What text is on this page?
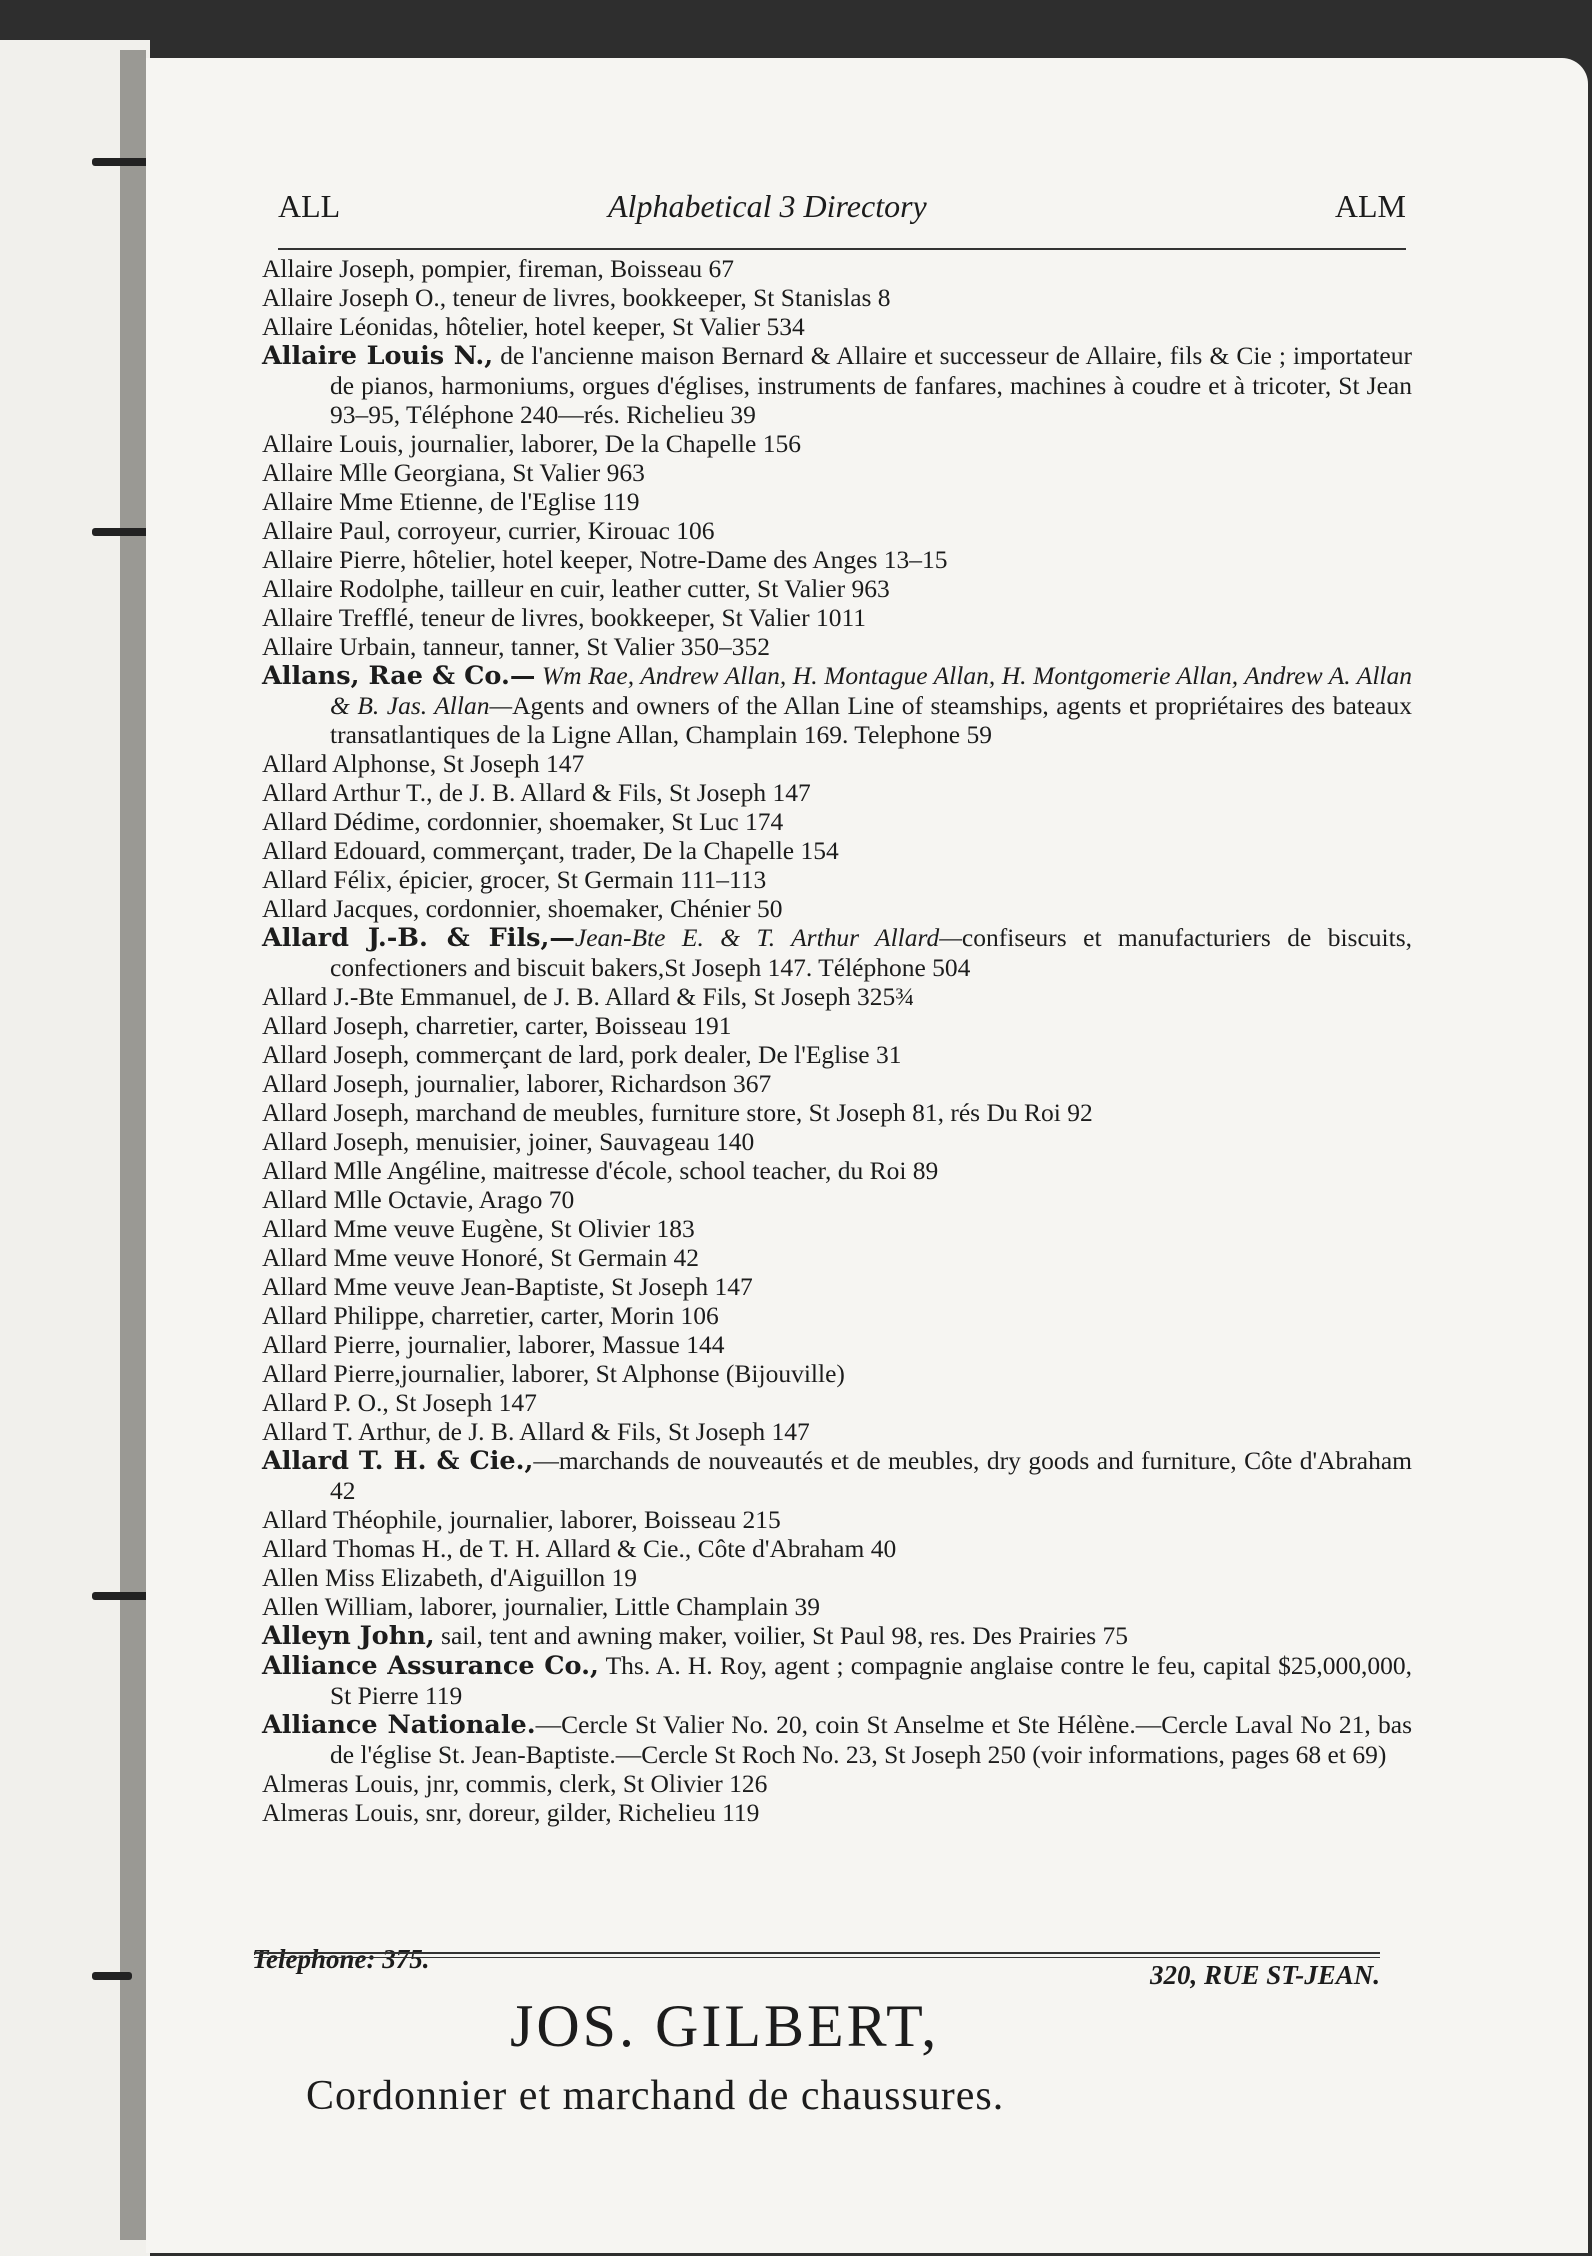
ALL	Alphabetical 3 Directory	ALM
Allaire Joseph, pompier, fireman, Boisseau 67
Allaire Joseph O., teneur de livres, bookkeeper, St Stanislas 8
Allaire Léonidas, hôtelier, hotel keeper, St Valier 534
Allaire Louis N., de l'ancienne maison Bernard & Allaire et successeur de Allaire, fils & Cie ; importateur de pianos, harmoniums, orgues d'églises, instruments de fanfares, machines à coudre et à tricoter, St Jean 93–95, Téléphone 240—rés. Richelieu 39
Allaire Louis, journalier, laborer, De la Chapelle 156
Allaire Mlle Georgiana, St Valier 963
Allaire Mme Etienne, de l'Eglise 119
Allaire Paul, corroyeur, currier, Kirouac 106
Allaire Pierre, hôtelier, hotel keeper, Notre-Dame des Anges 13–15
Allaire Rodolphe, tailleur en cuir, leather cutter, St Valier 963
Allaire Trefflé, teneur de livres, bookkeeper, St Valier 1011
Allaire Urbain, tanneur, tanner, St Valier 350–352
Allans, Rae & Co.— Wm Rae, Andrew Allan, H. Montague Allan, H. Montgomerie Allan, Andrew A. Allan & B. Jas. Allan—Agents and owners of the Allan Line of steamships, agents et propriétaires des bateaux transatlantiques de la Ligne Allan, Champlain 169. Telephone 59
Allard Alphonse, St Joseph 147
Allard Arthur T., de J. B. Allard & Fils, St Joseph 147
Allard Dédime, cordonnier, shoemaker, St Luc 174
Allard Edouard, commerçant, trader, De la Chapelle 154
Allard Félix, épicier, grocer, St Germain 111–113
Allard Jacques, cordonnier, shoemaker, Chénier 50
Allard J.-B. & Fils,—Jean-Bte E. & T. Arthur Allard—confiseurs et manufacturiers de biscuits, confectioners and biscuit bakers,St Joseph 147. Téléphone 504
Allard J.-Bte Emmanuel, de J. B. Allard & Fils, St Joseph 325¾
Allard Joseph, charretier, carter, Boisseau 191
Allard Joseph, commerçant de lard, pork dealer, De l'Eglise 31
Allard Joseph, journalier, laborer, Richardson 367
Allard Joseph, marchand de meubles, furniture store, St Joseph 81, rés Du Roi 92
Allard Joseph, menuisier, joiner, Sauvageau 140
Allard Mlle Angéline, maitresse d'école, school teacher, du Roi 89
Allard Mlle Octavie, Arago 70
Allard Mme veuve Eugène, St Olivier 183
Allard Mme veuve Honoré, St Germain 42
Allard Mme veuve Jean-Baptiste, St Joseph 147
Allard Philippe, charretier, carter, Morin 106
Allard Pierre, journalier, laborer, Massue 144
Allard Pierre,journalier, laborer, St Alphonse (Bijouville)
Allard P. O., St Joseph 147
Allard T. Arthur, de J. B. Allard & Fils, St Joseph 147
Allard T. H. & Cie.,—marchands de nouveautés et de meubles, dry goods and furniture, Côte d'Abraham 42
Allard Théophile, journalier, laborer, Boisseau 215
Allard Thomas H., de T. H. Allard & Cie., Côte d'Abraham 40
Allen Miss Elizabeth, d'Aiguillon 19
Allen William, laborer, journalier, Little Champlain 39
Alleyn John, sail, tent and awning maker, voilier, St Paul 98, res. Des Prairies 75
Alliance Assurance Co., Ths. A. H. Roy, agent ; compagnie anglaise contre le feu, capital $25,000,000, St Pierre 119
Alliance Nationale.—Cercle St Valier No. 20, coin St Anselme et Ste Hélène.—Cercle Laval No 21, bas de l'église St. Jean-Baptiste.—Cercle St Roch No. 23, St Joseph 250 (voir informations, pages 68 et 69)
Almeras Louis, jnr, commis, clerk, St Olivier 126
Almeras Louis, snr, doreur, gilder, Richelieu 119
Telephone: 375.
320, RUE ST-JEAN.
JOS. GILBERT,
Cordonnier et marchand de chaussures.
